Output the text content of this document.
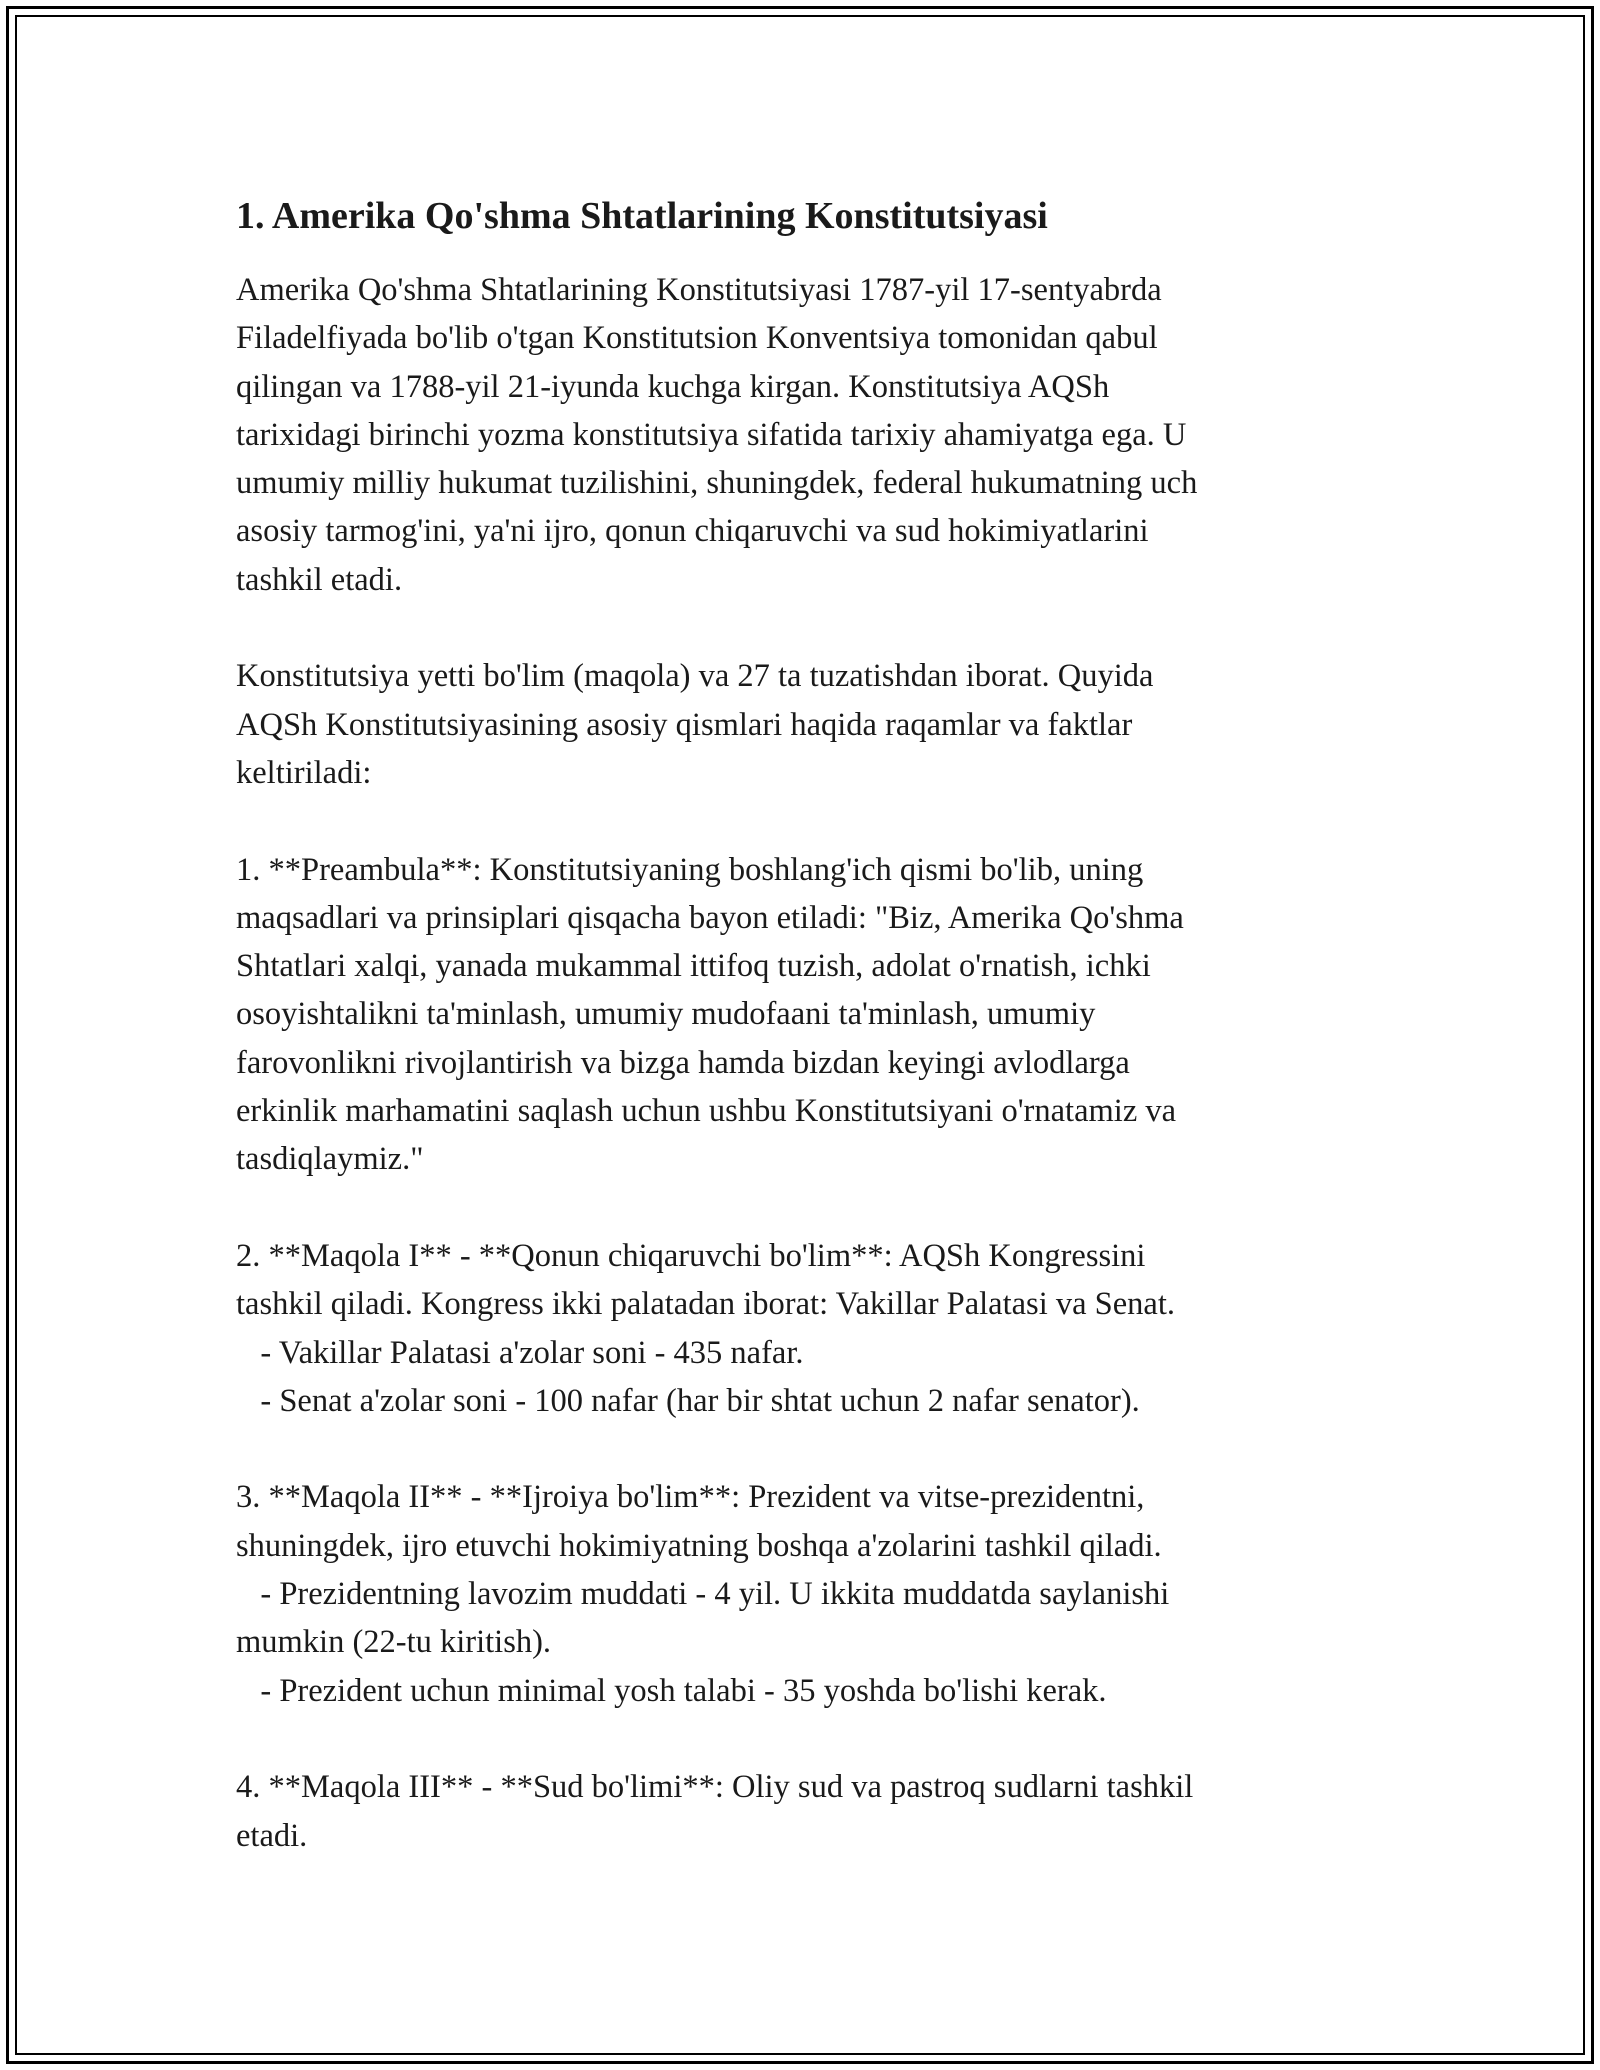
1. Amerika Qo'shma Shtatlarining Konstitutsiyasi

Amerika Qo'shma Shtatlarining Konstitutsiyasi 1787-yil 17-sentyabrda
Filadelfiyada bo'lib o'tgan Konstitutsion Konventsiya tomonidan qabul
qilingan va 1788-yil 21-iyunda kuchga kirgan. Konstitutsiya AQSh
tarixidagi birinchi yozma konstitutsiya sifatida tarixiy ahamiyatga ega. U
umumiy milliy hukumat tuzilishini, shuningdek, federal hukumatning uch
asosiy tarmog'ini, ya'ni ijro, qonun chiqaruvchi va sud hokimiyatlarini
tashkil etadi.

Konstitutsiya yetti bo'lim (maqola) va 27 ta tuzatishdan iborat. Quyida
AQSh Konstitutsiyasining asosiy qismlari haqida raqamlar va faktlar
keltiriladi:

1. **Preambula**: Konstitutsiyaning boshlang'ich qismi bo'lib, uning
maqsadlari va prinsiplari qisqacha bayon etiladi: "Biz, Amerika Qo'shma
Shtatlari xalqi, yanada mukammal ittifoq tuzish, adolat o'rnatish, ichki
osoyishtalikni ta'minlash, umumiy mudofaani ta'minlash, umumiy
farovonlikni rivojlantirish va bizga hamda bizdan keyingi avlodlarga
erkinlik marhamatini saqlash uchun ushbu Konstitutsiyani o'rnatamiz va
tasdiqlaymiz."

2. **Maqola I** - **Qonun chiqaruvchi bo'lim**: AQSh Kongressini
tashkil qiladi. Kongress ikki palatadan iborat: Vakillar Palatasi va Senat.
- Vakillar Palatasi a'zolar soni - 435 nafar.
- Senat a'zolar soni - 100 nafar (har bir shtat uchun 2 nafar senator).

3. **Maqola II** - **Ijroiya bo'lim**: Prezident va vitse-prezidentni,
shuningdek, ijro etuvchi hokimiyatning boshqa a'zolarini tashkil qiladi.
- Prezidentning lavozim muddati - 4 yil. U ikkita muddatda saylanishi
mumkin (22-tu kiritish).
- Prezident uchun minimal yosh talabi - 35 yoshda bo'lishi kerak.

4. **Maqola III** - **Sud bo'limi**: Oliy sud va pastroq sudlarni tashkil
etadi.
